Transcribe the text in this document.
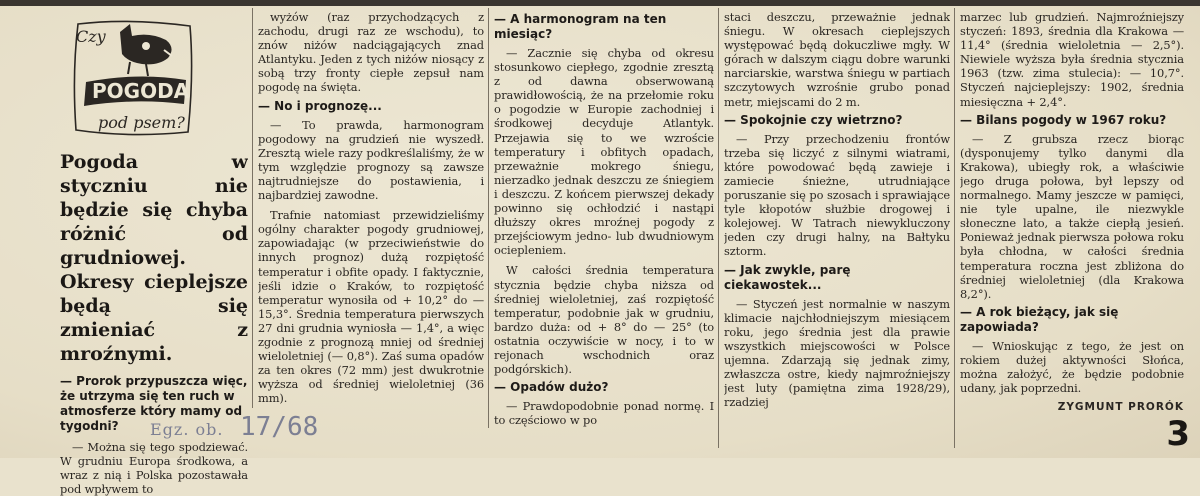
Czy
POGODA
pod psem?

Pogoda w styczniu nie będzie się chyba różnić od grudniowej. Okresy cieplejsze będą się zmieniać z mroźnymi.

— Prorok przypuszcza więc, że utrzyma się ten ruch w atmosferze który mamy od tygodni?

— Można się tego spodziewać. W grudniu Europa środkowa, a wraz z nią i Polska pozostawała pod wpływem to

wyżów (raz przychodzących z zachodu, drugi raz ze wschodu), to znów niżów nadciągających znad Atlantyku. Jeden z tych niżów niosący z sobą trzy fronty ciepłe zepsuł nam pogodę na święta.

— No i prognozę...

— To prawda, harmonogram pogodowy na grudzień nie wyszedł. Zresztą wiele razy podkreślaliśmy, że w tym względzie prognozy są zawsze najtrudniejsze do postawienia, i najbardziej zawodne.

Trafnie natomiast przewidzieliśmy ogólny charakter pogody grudniowej, zapowiadając (w przeciwieństwie do innych prognoz) dużą rozpiętość temperatur i obfite opady. I faktycznie, jeśli idzie o Kraków, to rozpiętość temperatur wynosiła od + 10,2° do — 15,3°. Średnia temperatura pierwszych 27 dni grudnia wyniosła — 1,4°, a więc zgodnie z prognozą mniej od średniej wieloletniej (— 0,8°). Zaś suma opadów za ten okres (72 mm) jest dwukrotnie wyższa od średniej wieloletniej (36 mm).

— A harmonogram na ten miesiąc?

— Zacznie się chyba od okresu stosunkowo ciepłego, zgodnie zresztą z od dawna obserwowaną prawidłowością, że na przełomie roku o pogodzie w Europie zachodniej i środkowej decyduje Atlantyk. Przejawia się to we wzroście temperatury i obfitych opadach, przeważnie mokrego śniegu, nierzadko jednak deszczu ze śniegiem i deszczu. Z końcem pierwszej dekady powinno się ochłodzić i nastąpi dłuższy okres mroźnej pogody z przejściowym jedno- lub dwudniowym ociepleniem.

W całości średnia temperatura stycznia będzie chyba niższa od średniej wieloletniej, zaś rozpiętość temperatur, podobnie jak w grudniu, bardzo duża: od + 8° do — 25° (to ostatnia oczywiście w nocy, i to w rejonach wschodnich oraz podgórskich).

— Opadów dużo?

— Prawdopodobnie ponad normę. I to częściowo w po

staci deszczu, przeważnie jednak śniegu. W okresach cieplejszych występować będą dokuczliwe mgły. W górach w dalszym ciągu dobre warunki narciarskie, warstwa śniegu w partiach szczytowych wzrośnie grubo ponad metr, miejscami do 2 m.

— Spokojnie czy wietrzno?

— Przy przechodzeniu frontów trzeba się liczyć z silnymi wiatrami, które powodować będą zawieje i zamiecie śnieżne, utrudniające poruszanie się po szosach i sprawiające tyle kłopotów służbie drogowej i kolejowej. W Tatrach niewykluczony jeden czy drugi halny, na Bałtyku sztorm.

— Jak zwykle, parę ciekawostek...

— Styczeń jest normalnie w naszym klimacie najchłodniejszym miesiącem roku, jego średnia jest dla prawie wszystkich miejscowości w Polsce ujemna. Zdarzają się jednak zimy, zwłaszcza ostre, kiedy najmroźniejszy jest luty (pamiętna zima 1928/29), rzadziej

marzec lub grudzień. Najmroźniejszy styczeń: 1893, średnia dla Krakowa — 11,4° (średnia wieloletnia — 2,5°). Niewiele wyższa była średnia stycznia 1963 (tzw. zima stulecia): — 10,7°. Styczeń najcieplejszy: 1902, średnia miesięczna + 2,4°.

— Bilans pogody w 1967 roku?

— Z grubsza rzecz biorąc (dysponujemy tylko danymi dla Krakowa), ubiegły rok, a właściwie jego druga połowa, był lepszy od normalnego. Mamy jeszcze w pamięci, nie tyle upalne, ile niezwykle słoneczne lato, a także ciepłą jesień. Ponieważ jednak pierwsza połowa roku była chłodna, w całości średnia temperatura roczna jest zbliżona do średniej wieloletniej (dla Krakowa 8,2°).

— A rok bieżący, jak się zapowiada?

— Wnioskując z tego, że jest on rokiem dużej aktywności Słońca, można założyć, że będzie podobnie udany, jak poprzedni.

ZYGMUNT PRORÓK

Egz. ob. 17/68	3
